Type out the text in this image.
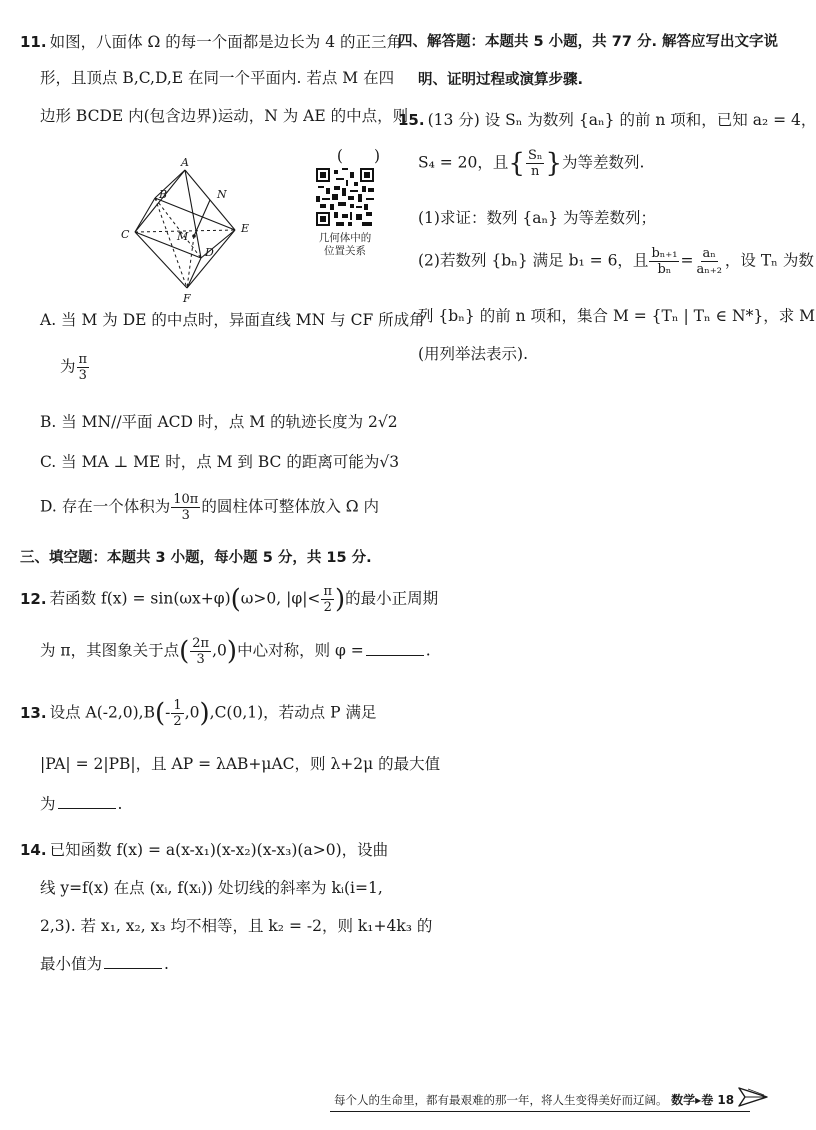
11. 如图，八面体 Ω 的每一个面都是边长为 4 的正三角
形，且顶点 B,C,D,E 在同一个平面内. 若点 M 在四
边形 BCDE 内(包含边界)运动，N 为 AE 的中点，则
(　　)
A
N
B
E
C	M
D
F
几何体中的
位置关系
A. 当 M 为 DE 的中点时，异面直线 MN 与 CF 所成角
为 $\frac{\pi}{3}$
B. 当 MN//平面 ACD 时，点 M 的轨迹长度为 2√2
C. 当 MA ⊥ ME 时，点 M 到 BC 的距离可能为√3
D. 存在一个体积为 $\frac{10\pi}{3}$ 的圆柱体可整体放入 Ω 内
三、填空题：本题共 3 小题，每小题 5 分，共 15 分.
12. 若函数 f(x) = sin(ωx+φ)(ω>0, $|\varphi|< \frac{\pi}{2}$ )的最小正周期
为 π，其图象关于点( $\frac{2\pi}{3} ,0$)中心对称，则 φ =	.
13. 设点 $A(-2,0),B(- \frac{1}{2} ,0),C(0,1)$，若动点 P 满足
|PA| = 2|PB|，且 AP = λAB+μAC，则 λ+2μ 的最大值
为	.
14. 已知函数 f(x) = a(x-x₁)(x-x₂)(x-x₃)(a>0)，设曲
线 y=f(x) 在点 (xᵢ, f(xᵢ)) 处切线的斜率为 kᵢ(i=1,
2,3). 若 x₁, x₂, x₃ 均不相等，且 k₂ = -2，则 k₁+4k₃ 的
最小值为	.
四、解答题：本题共 5 小题，共 77 分. 解答应写出文字说
明、证明过程或演算步骤.
15. (13 分) 设 Sₙ 为数列 {aₙ} 的前 n 项和，已知 a₂ = 4，
S₄ = 20，且{ $\frac{\text{Sₙ}}{n}$ }为等差数列.
(1)求证：数列 {aₙ} 为等差数列；
(2)若数列 {bₙ} 满足 b₁ = 6，且 $\frac{\text{bₙ₊₁}}{\text{bₙ}} = \frac{\text{aₙ}}{\text{aₙ₊₂}}$ ，设 Tₙ 为数
列 {bₙ} 的前 n 项和，集合 M = {Tₙ | Tₙ ∈ N*}，求 M
(用列举法表示).
每个人的生命里，都有最艰难的那一年，将人生变得美好而辽阔。 数学▸卷 18
